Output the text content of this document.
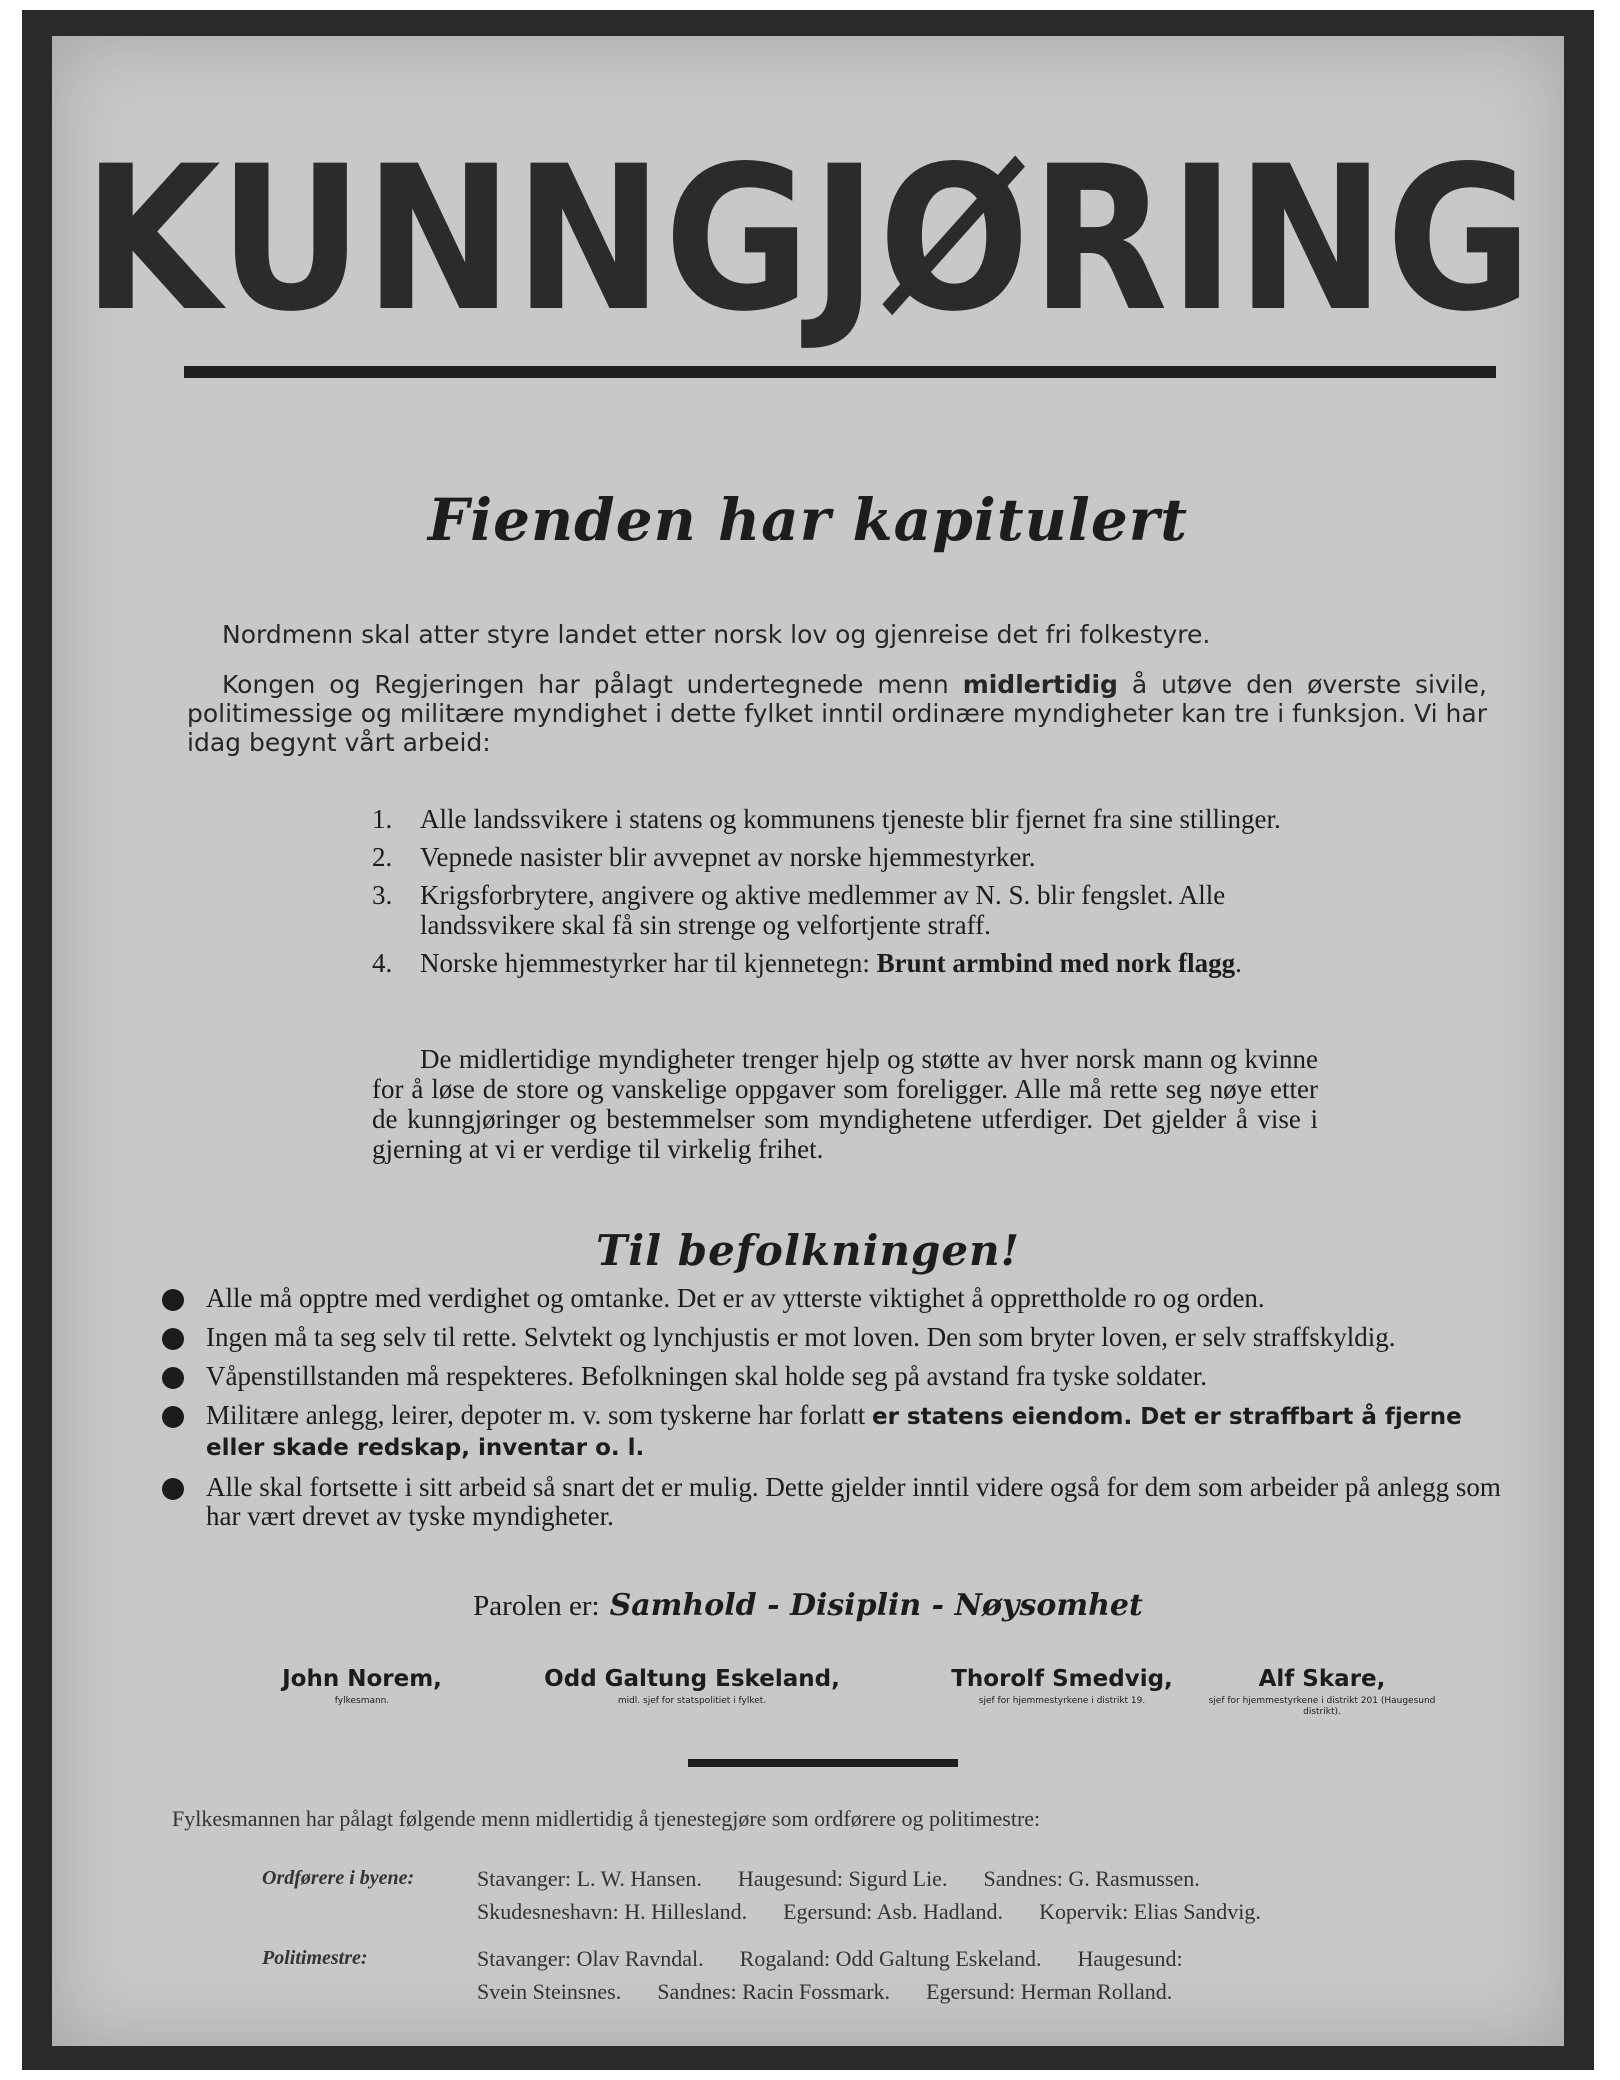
KUNNGJØRING
Fienden har kapitulert
Nordmenn skal atter styre landet etter norsk lov og gjenreise det fri folkestyre.
Kongen og Regjeringen har pålagt undertegnede menn midlertidig å utøve den øverste sivile, politimessige og militære myndighet i dette fylket inntil ordinære myndigheter kan tre i funksjon. Vi har idag begynt vårt arbeid:
1. Alle landssvikere i statens og kommunens tjeneste blir fjernet fra sine stillinger.
2. Vepnede nasister blir avvepnet av norske hjemmestyrker.
3. Krigsforbrytere, angivere og aktive medlemmer av N. S. blir fengslet. Alle landssvikere skal få sin strenge og velfortjente straff.
4. Norske hjemmestyrker har til kjennetegn: Brunt armbind med nork flagg.
De midlertidige myndigheter trenger hjelp og støtte av hver norsk mann og kvinne for å løse de store og vanskelige oppgaver som foreligger. Alle må rette seg nøye etter de kunngjøringer og bestemmelser som myndighetene utferdiger. Det gjelder å vise i gjerning at vi er verdige til virkelig frihet.
Til befolkningen!
Alle må opptre med verdighet og omtanke. Det er av ytterste viktighet å opprettholde ro og orden.
Ingen må ta seg selv til rette. Selvtekt og lynchjustis er mot loven. Den som bryter loven, er selv straffskyldig.
Våpenstillstanden må respekteres. Befolkningen skal holde seg på avstand fra tyske soldater.
Militære anlegg, leirer, depoter m. v. som tyskerne har forlatt er statens eiendom. Det er straffbart å fjerne eller skade redskap, inventar o. l.
Alle skal fortsette i sitt arbeid så snart det er mulig. Dette gjelder inntil videre også for dem som arbeider på anlegg som har vært drevet av tyske myndigheter.
Parolen er: Samhold - Disiplin - Nøysomhet
John Norem,
fylkesmann.
Odd Galtung Eskeland,
midl. sjef for statspolitiet i fylket.
Thorolf Smedvig,
sjef for hjemmestyrkene i distrikt 19.
Alf Skare,
sjef for hjemmestyrkene i distrikt 201 (Haugesund distrikt).
Fylkesmannen har pålagt følgende menn midlertidig å tjenestegjøre som ordførere og politimestre:
Ordførere i byene:	Stavanger: L. W. Hansen. Haugesund: Sigurd Lie. Sandnes: G. Rasmussen.
Skudesneshavn: H. Hillesland. Egersund: Asb. Hadland. Kopervik: Elias Sandvig.
Politimestre:	Stavanger: Olav Ravndal. Rogaland: Odd Galtung Eskeland. Haugesund:
Svein Steinsnes. Sandnes: Racin Fossmark. Egersund: Herman Rolland.
